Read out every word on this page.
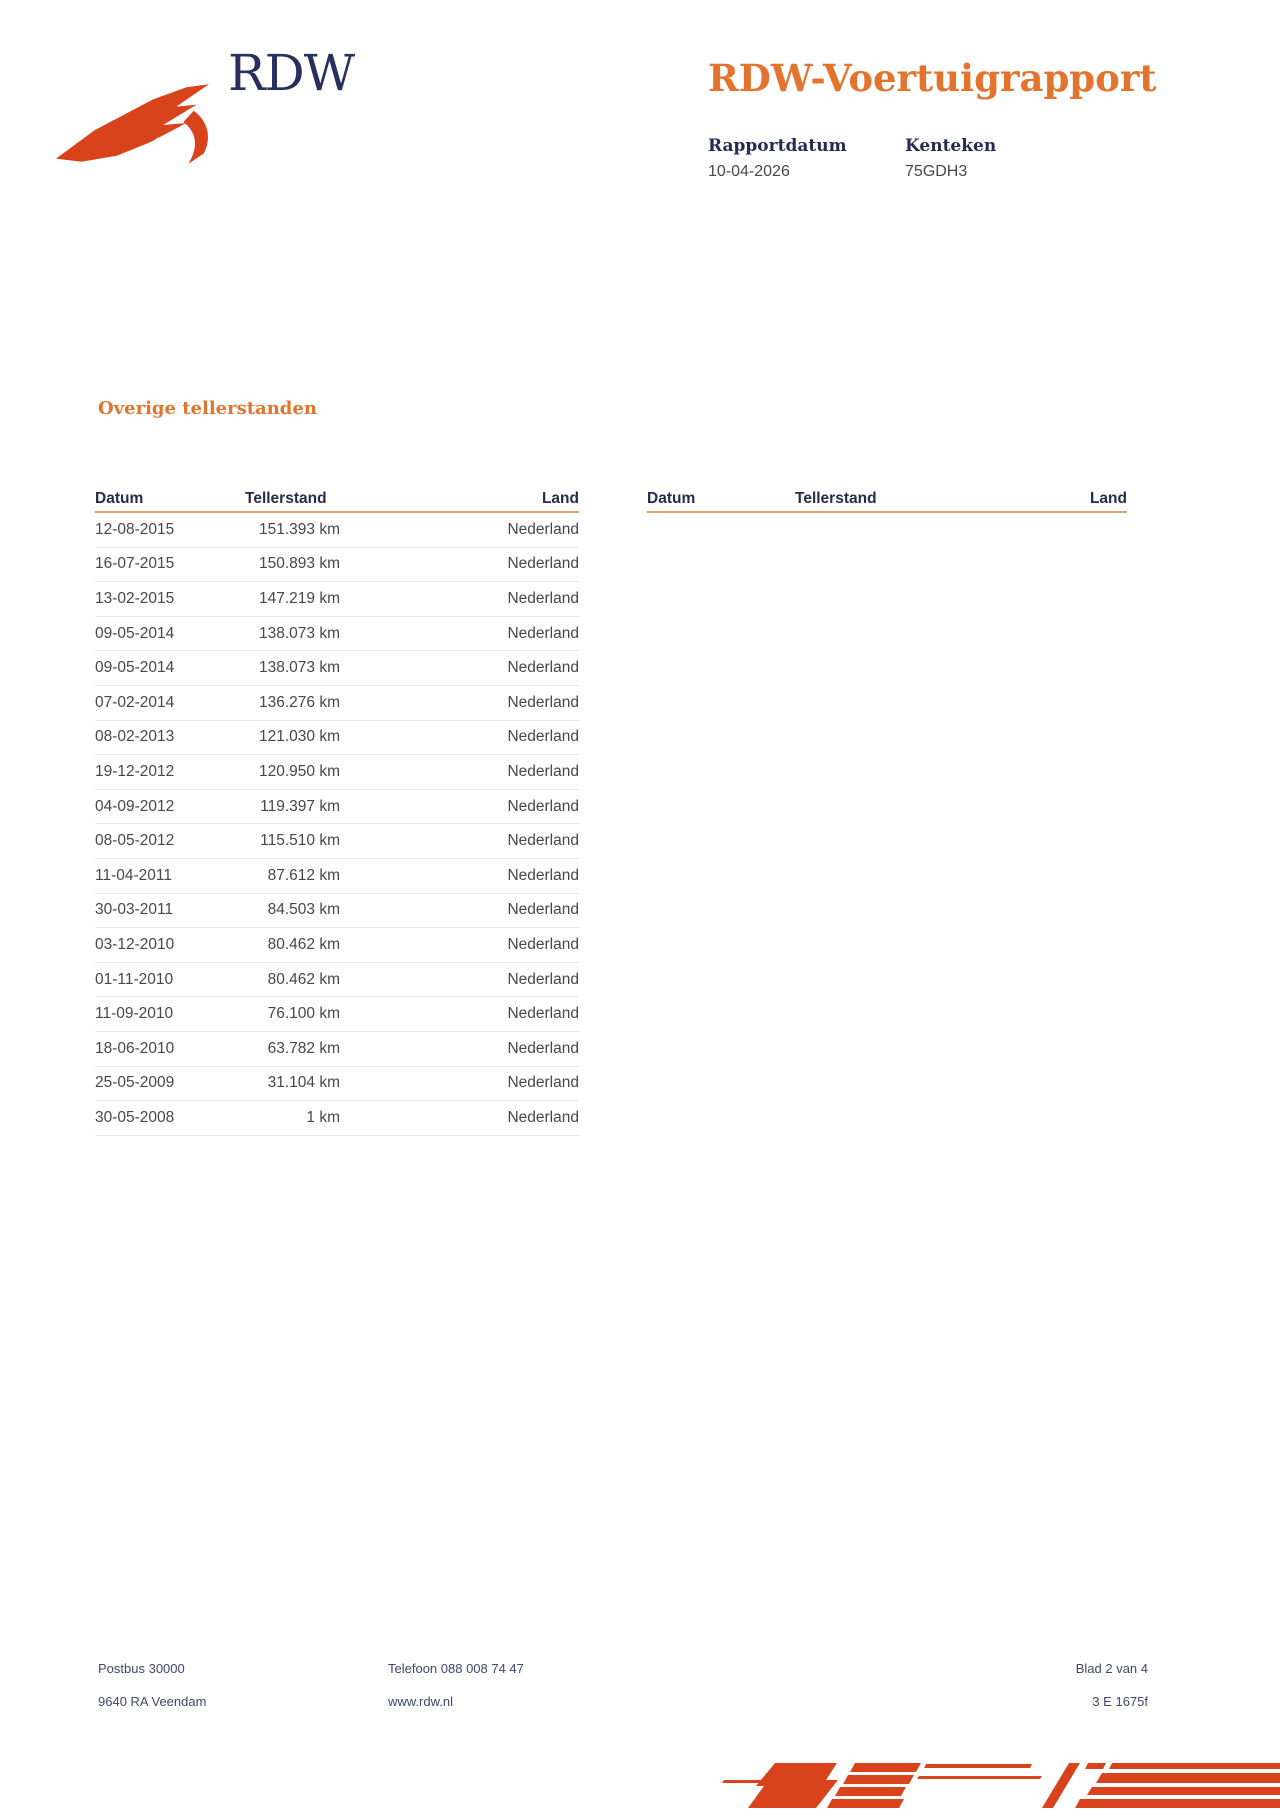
RDW	RDW-Voertuigrapport
Rapportdatum
10-04-2026
Kenteken
75GDH3
Overige tellerstanden
Datum	Tellerstand	Land
12-08-2015	151.393 km	Nederland
16-07-2015	150.893 km	Nederland
13-02-2015	147.219 km	Nederland
09-05-2014	138.073 km	Nederland
09-05-2014	138.073 km	Nederland
07-02-2014	136.276 km	Nederland
08-02-2013	121.030 km	Nederland
19-12-2012	120.950 km	Nederland
04-09-2012	119.397 km	Nederland
08-05-2012	115.510 km	Nederland
11-04-2011	87.612 km	Nederland
30-03-2011	84.503 km	Nederland
03-12-2010	80.462 km	Nederland
01-11-2010	80.462 km	Nederland
11-09-2010	76.100 km	Nederland
18-06-2010	63.782 km	Nederland
25-05-2009	31.104 km	Nederland
30-05-2008	1 km	Nederland
Datum	Tellerstand	Land
Postbus 30000
9640 RA Veendam
Telefoon 088 008 74 47
www.rdw.nl
Blad 2 van 4
3 E 1675f
